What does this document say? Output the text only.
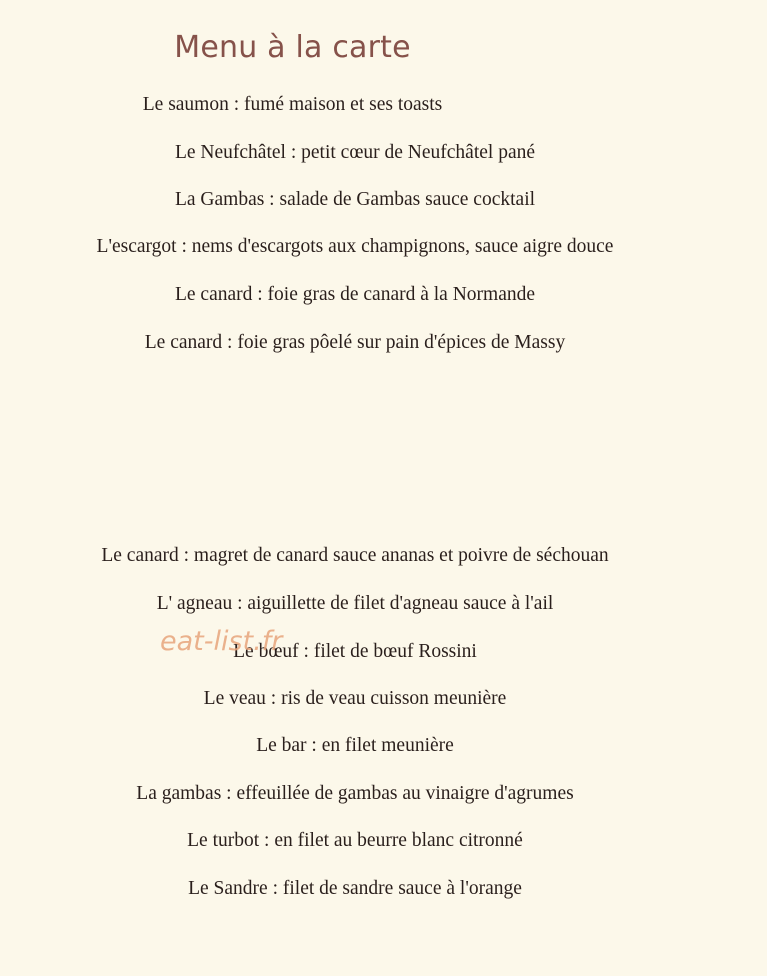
Menu à la carte
Le saumon : fumé maison et ses toasts
Le Neufchâtel : petit cœur de Neufchâtel pané
La Gambas : salade de Gambas sauce cocktail
L'escargot : nems d'escargots aux champignons, sauce aigre douce
Le canard : foie gras de canard à la Normande
Le canard : foie gras pôelé sur pain d'épices de Massy
Le canard : magret de canard sauce ananas et poivre de séchouan
L' agneau : aiguillette de filet d'agneau sauce à l'ail
Le bœuf : filet de bœuf Rossini
Le veau : ris de veau cuisson meunière
Le bar : en filet meunière
La gambas : effeuillée de gambas au vinaigre d'agrumes
Le turbot : en filet au beurre blanc citronné
Le Sandre : filet de sandre sauce à l'orange
eat-list.fr
